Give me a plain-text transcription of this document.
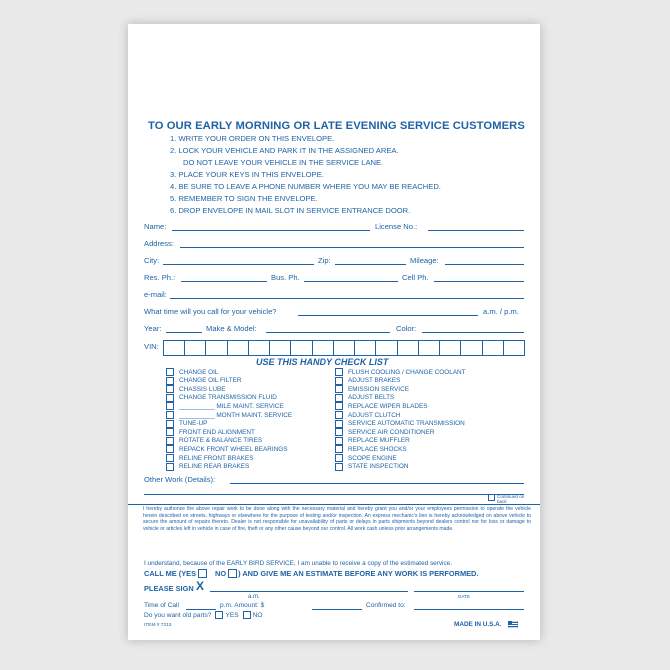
TO OUR EARLY MORNING OR LATE EVENING SERVICE CUSTOMERS
1. WRITE YOUR ORDER ON THIS ENVELOPE.
2. LOCK YOUR VEHICLE AND PARK IT IN THE ASSIGNED AREA.
DO NOT LEAVE YOUR VEHICLE IN THE SERVICE LANE.
3. PLACE YOUR KEYS IN THIS ENVELOPE.
4. BE SURE TO LEAVE A PHONE NUMBER WHERE YOU MAY BE REACHED.
5. REMEMBER TO SIGN THE ENVELOPE.
6. DROP ENVELOPE IN MAIL SLOT IN SERVICE ENTRANCE DOOR.
Name:	License No.:
Address:
City:	Zip:	Mileage:
Res. Ph.:	Bus. Ph.	Cell Ph.
e-mail:
What time will you call for your vehicle?	a.m. / p.m.
Year:	Make & Model:	Color:
VIN:
USE THIS HANDY CHECK LIST
CHANGE OIL
CHANGE OIL FILTER
CHASSIS LUBE
CHANGE TRANSMISSION FLUID
__________ MILE MAINT. SERVICE
__________ MONTH MAINT. SERVICE
TUNE-UP
FRONT END ALIGNMENT
ROTATE & BALANCE TIRES
REPACK FRONT WHEEL BEARINGS
RELINE FRONT BRAKES
RELINE REAR BRAKES
FLUSH COOLING / CHANGE COOLANT
ADJUST BRAKES
EMISSION SERVICE
ADJUST BELTS
REPLACE WIPER BLADES
ADJUST CLUTCH
SERVICE AUTOMATIC TRANSMISSION
SERVICE AIR CONDITIONER
REPLACE MUFFLER
REPLACE SHOCKS
SCOPE ENGINE
STATE INSPECTION
Other Work (Details):
Continued on back
I hereby authorize the above repair work to be done along with the necessary material and hereby grant you and/or your employees permission to operate the vehicle herein described on streets, highways or elsewhere for the purpose of testing and/or inspection. An express mechanic's lien is hereby acknowledged on above vehicle to secure the amount of repairs thereto. Dealer is not responsible for unavailability of parts or delays in parts shipments beyond dealers control nor for loss or damage to vehicle or articles left in vehicle in case of fire, theft or any other cause beyond our control. All work cash unless prior arrangements made.
I understand, because of the EARLY BIRD SERVICE, I am unable to receive a copy of the estimated service.
CALL ME (YES	NO ) AND GIVE ME AN ESTIMATE BEFORE ANY WORK IS PERFORMED.
PLEASE SIGN X
DATE
a.m.
Time of Call	p.m. Amount: $	Confirmed to:
Do you want old parts? YES NO
ITEM # 7213	MADE IN U.S.A.
